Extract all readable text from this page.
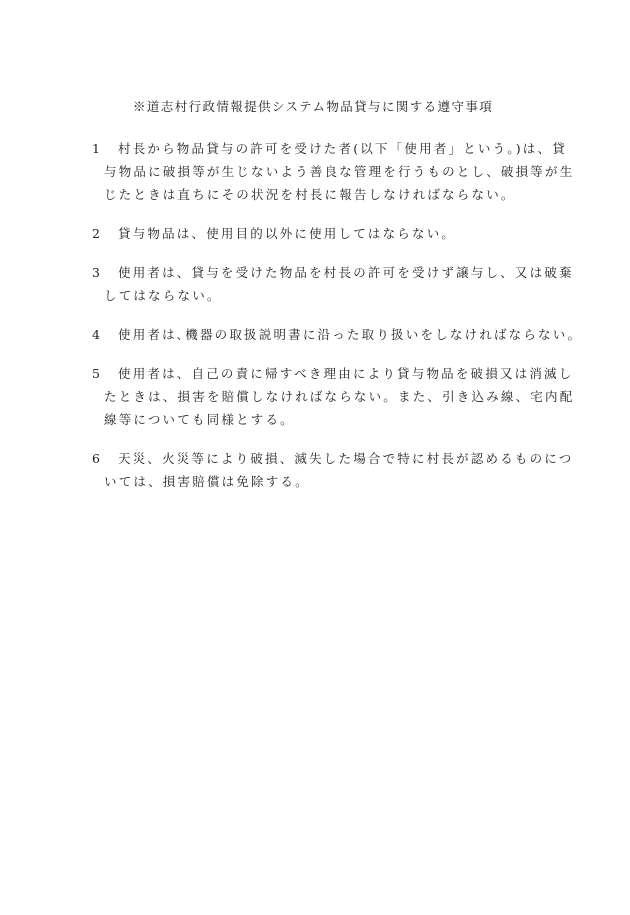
※道志村行政情報提供システム物品貸与に関する遵守事項
1	村長から物品貸与の許可を受けた者(以下「使用者」という。)は、貸
与物品に破損等が生じないよう善良な管理を行うものとし、破損等が生
じたときは直ちにその状況を村長に報告しなければならない。
2	貸与物品は、使用目的以外に使用してはならない。
3	使用者は、貸与を受けた物品を村長の許可を受けず譲与し、又は破棄
してはならない。
4	使用者は､機器の取扱説明書に沿った取り扱いをしなければならない。
5	使用者は、自己の責に帰すべき理由により貸与物品を破損又は消滅し
たときは、損害を賠償しなければならない。また、引き込み線、宅内配
線等についても同様とする。
6	天災、火災等により破損、滅失した場合で特に村長が認めるものにつ
いては、損害賠償は免除する。
